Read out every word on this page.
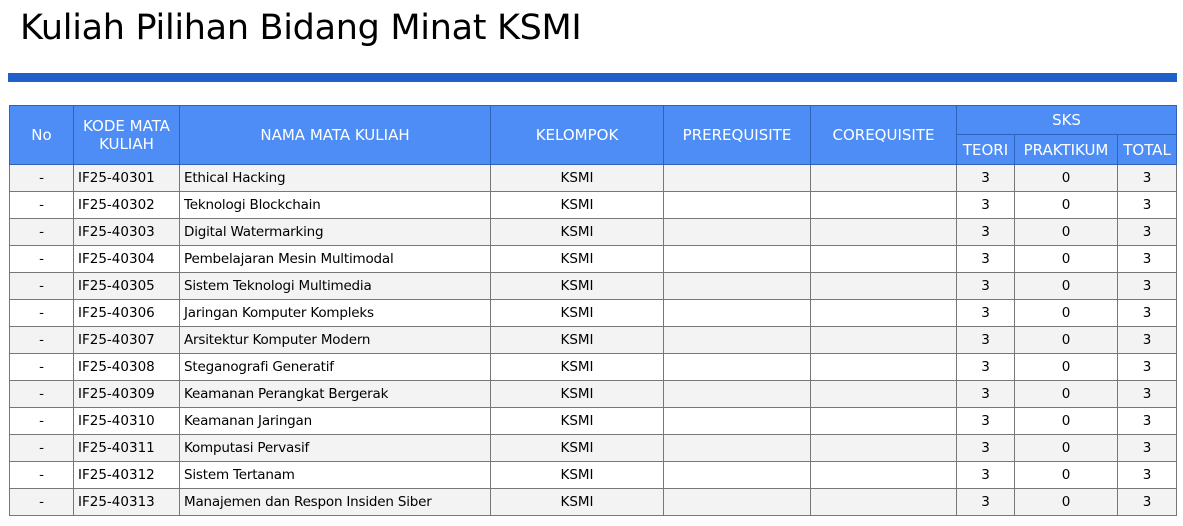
Kuliah Pilihan Bidang Minat KSMI
No	KODE MATA KULIAH	NAMA MATA KULIAH	KELOMPOK	PREREQUISITE	COREQUISITE	SKS		
						TEORI	PRAKTIKUM	TOTAL
-	IF25-40301	Ethical Hacking	KSMI			3	0	3
-	IF25-40302	Teknologi Blockchain	KSMI			3	0	3
-	IF25-40303	Digital Watermarking	KSMI			3	0	3
-	IF25-40304	Pembelajaran Mesin Multimodal	KSMI			3	0	3
-	IF25-40305	Sistem Teknologi Multimedia	KSMI			3	0	3
-	IF25-40306	Jaringan Komputer Kompleks	KSMI			3	0	3
-	IF25-40307	Arsitektur Komputer Modern	KSMI			3	0	3
-	IF25-40308	Steganografi Generatif	KSMI			3	0	3
-	IF25-40309	Keamanan Perangkat Bergerak	KSMI			3	0	3
-	IF25-40310	Keamanan Jaringan	KSMI			3	0	3
-	IF25-40311	Komputasi Pervasif	KSMI			3	0	3
-	IF25-40312	Sistem Tertanam	KSMI			3	0	3
-	IF25-40313	Manajemen dan Respon Insiden Siber	KSMI			3	0	3
